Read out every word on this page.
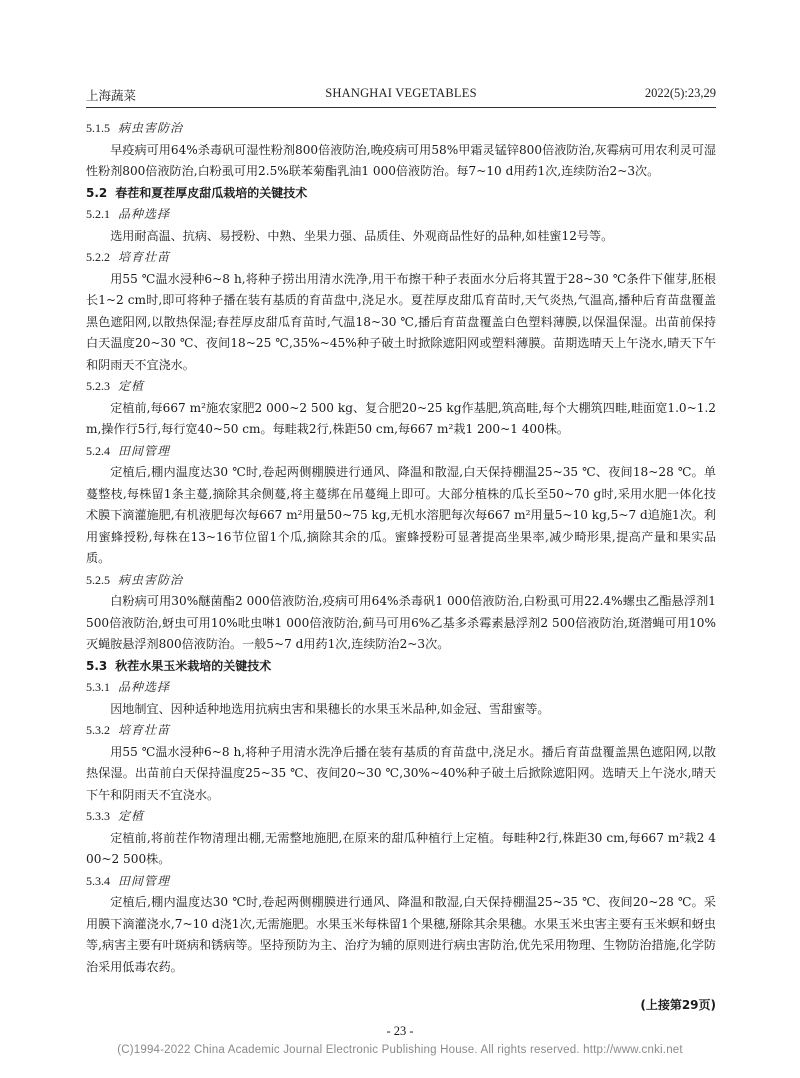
上海蔬菜	SHANGHAI VEGETABLES	2022(5):23,29
5.1.5 病虫害防治

早疫病可用64%杀毒矾可湿性粉剂800倍液防治,晚疫病可用58%甲霜灵锰锌800倍液防治,灰霉病可用农利灵可湿性粉剂800倍液防治,白粉虱可用2.5%联苯菊酯乳油1 000倍液防治。每7~10 d用药1次,连续防治2~3次。

5.2 春茬和夏茬厚皮甜瓜栽培的关键技术
5.2.1 品种选择

选用耐高温、抗病、易授粉、中熟、坐果力强、品质佳、外观商品性好的品种,如桂蜜12号等。

5.2.2 培育壮苗

用55 ℃温水浸种6~8 h,将种子捞出用清水洗净,用干布擦干种子表面水分后将其置于28~30 ℃条件下催芽,胚根长1~2 cm时,即可将种子播在装有基质的育苗盘中,浇足水。夏茬厚皮甜瓜育苗时,天气炎热,气温高,播种后育苗盘覆盖黑色遮阳网,以散热保湿;春茬厚皮甜瓜育苗时,气温18~30 ℃,播后育苗盘覆盖白色塑料薄膜,以保温保湿。出苗前保持白天温度20~30 ℃、夜间18~25 ℃,35%~45%种子破土时掀除遮阳网或塑料薄膜。苗期选晴天上午浇水,晴天下午和阴雨天不宜浇水。

5.2.3 定植

定植前,每667 m²施农家肥2 000~2 500 kg、复合肥20~25 kg作基肥,筑高畦,每个大棚筑四畦,畦面宽1.0~1.2 m,操作行5行,每行宽40~50 cm。每畦栽2行,株距50 cm,每667 m²栽1 200~1 400株。

5.2.4 田间管理

定植后,棚内温度达30 ℃时,卷起两侧棚膜进行通风、降温和散湿,白天保持棚温25~35 ℃、夜间18~28 ℃。单蔓整枝,每株留1条主蔓,摘除其余侧蔓,将主蔓绑在吊蔓绳上即可。大部分植株的瓜长至50~70 g时,采用水肥一体化技术膜下滴灌施肥,有机液肥每次每667 m²用量50~75 kg,无机水溶肥每次每667 m²用量5~10 kg,5~7 d追施1次。利用蜜蜂授粉,每株在13~16节位留1个瓜,摘除其余的瓜。蜜蜂授粉可显著提高坐果率,减少畸形果,提高产量和果实品质。

5.2.5 病虫害防治

白粉病可用30%醚菌酯2 000倍液防治,疫病可用64%杀毒矾1 000倍液防治,白粉虱可用22.4%螺虫乙酯悬浮剂1 500倍液防治,蚜虫可用10%吡虫啉1 000倍液防治,蓟马可用6%乙基多杀霉素悬浮剂2 500倍液防治,斑潜蝇可用10%灭蝇胺悬浮剂800倍液防治。一般5~7 d用药1次,连续防治2~3次。

5.3 秋茬水果玉米栽培的关键技术
5.3.1 品种选择

因地制宜、因种适种地选用抗病虫害和果穗长的水果玉米品种,如金冠、雪甜蜜等。

5.3.2 培育壮苗

用55 ℃温水浸种6~8 h,将种子用清水洗净后播在装有基质的育苗盘中,浇足水。播后育苗盘覆盖黑色遮阳网,以散热保湿。出苗前白天保持温度25~35 ℃、夜间20~30 ℃,30%~40%种子破土后掀除遮阳网。选晴天上午浇水,晴天下午和阴雨天不宜浇水。

5.3.3 定植

定植前,将前茬作物清理出棚,无需整地施肥,在原来的甜瓜种植行上定植。每畦种2行,株距30 cm,每667 m²栽2 400~2 500株。

5.3.4 田间管理

定植后,棚内温度达30 ℃时,卷起两侧棚膜进行通风、降温和散湿,白天保持棚温25~35 ℃、夜间20~28 ℃。采用膜下滴灌浇水,7~10 d浇1次,无需施肥。水果玉米每株留1个果穗,掰除其余果穗。水果玉米虫害主要有玉米螟和蚜虫等,病害主要有叶斑病和锈病等。坚持预防为主、治疗为辅的原则进行病虫害防治,优先采用物理、生物防治措施,化学防治采用低毒农药。

(上接第29页)
- 23 -
(C)1994-2022 China Academic Journal Electronic Publishing House. All rights reserved. http://www.cnki.net
